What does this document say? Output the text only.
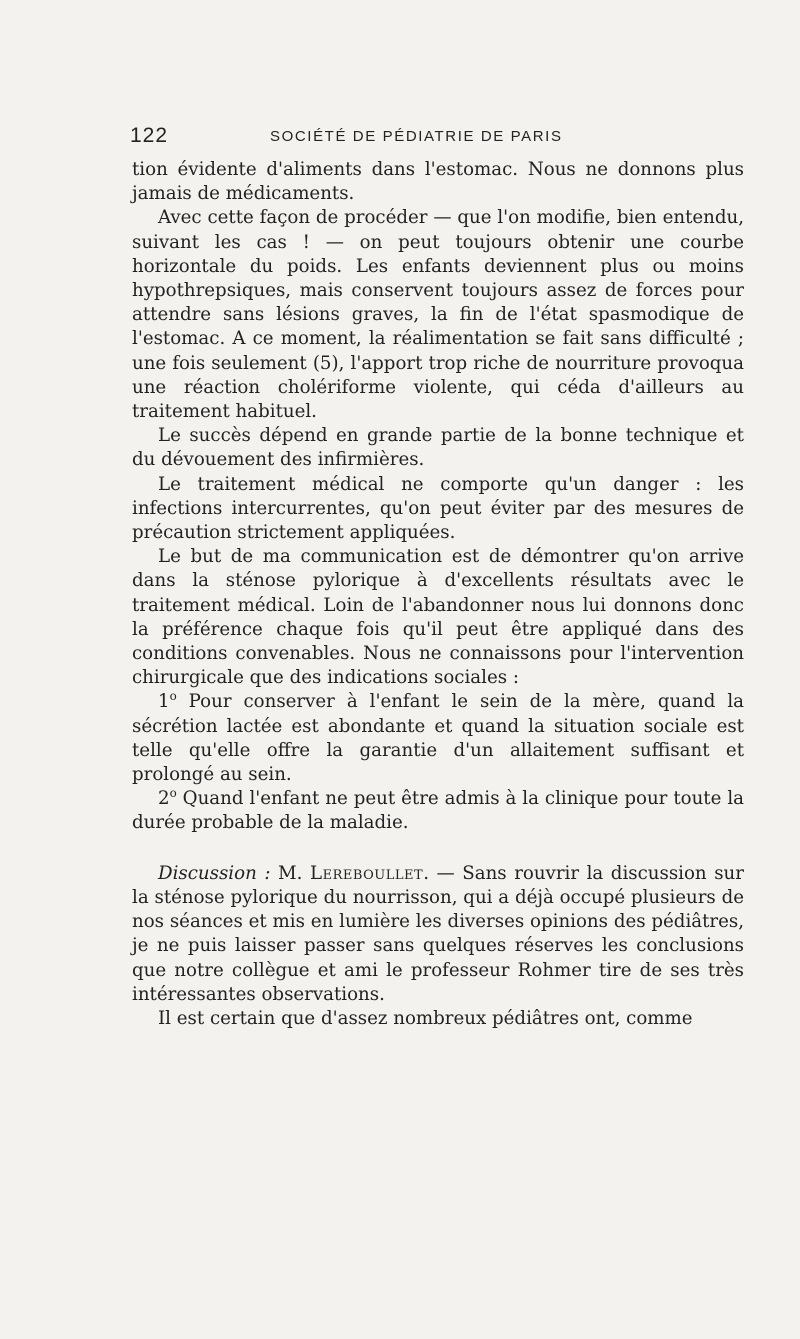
122	SOCIÉTÉ DE PÉDIATRIE DE PARIS

tion évidente d'aliments dans l'estomac. Nous ne donnons plus jamais de médicaments.

Avec cette façon de procéder — que l'on modifie, bien entendu, suivant les cas ! — on peut toujours obtenir une courbe horizontale du poids. Les enfants deviennent plus ou moins hypothrepsiques, mais conservent toujours assez de forces pour attendre sans lésions graves, la fin de l'état spasmodique de l'estomac. A ce moment, la réalimentation se fait sans difficulté ; une fois seulement (5), l'apport trop riche de nourriture provoqua une réaction cholériforme violente, qui céda d'ailleurs au traitement habituel.

Le succès dépend en grande partie de la bonne technique et du dévouement des infirmières.

Le traitement médical ne comporte qu'un danger : les infections intercurrentes, qu'on peut éviter par des mesures de précaution strictement appliquées.

Le but de ma communication est de démontrer qu'on arrive dans la sténose pylorique à d'excellents résultats avec le traitement médical. Loin de l'abandonner nous lui donnons donc la préférence chaque fois qu'il peut être appliqué dans des conditions convenables. Nous ne connaissons pour l'intervention chirurgicale que des indications sociales :

1$^o$ Pour conserver à l'enfant le sein de la mère, quand la sécrétion lactée est abondante et quand la situation sociale est telle qu'elle offre la garantie d'un allaitement suffisant et prolongé au sein.

2$^o$ Quand l'enfant ne peut être admis à la clinique pour toute la durée probable de la maladie.

Discussion : M. Lereboullet. — Sans rouvrir la discussion sur la sténose pylorique du nourrisson, qui a déjà occupé plusieurs de nos séances et mis en lumière les diverses opinions des pédiâtres, je ne puis laisser passer sans quelques réserves les conclusions que notre collègue et ami le professeur Rohmer tire de ses très intéressantes observations.

Il est certain que d'assez nombreux pédiâtres ont, comme
